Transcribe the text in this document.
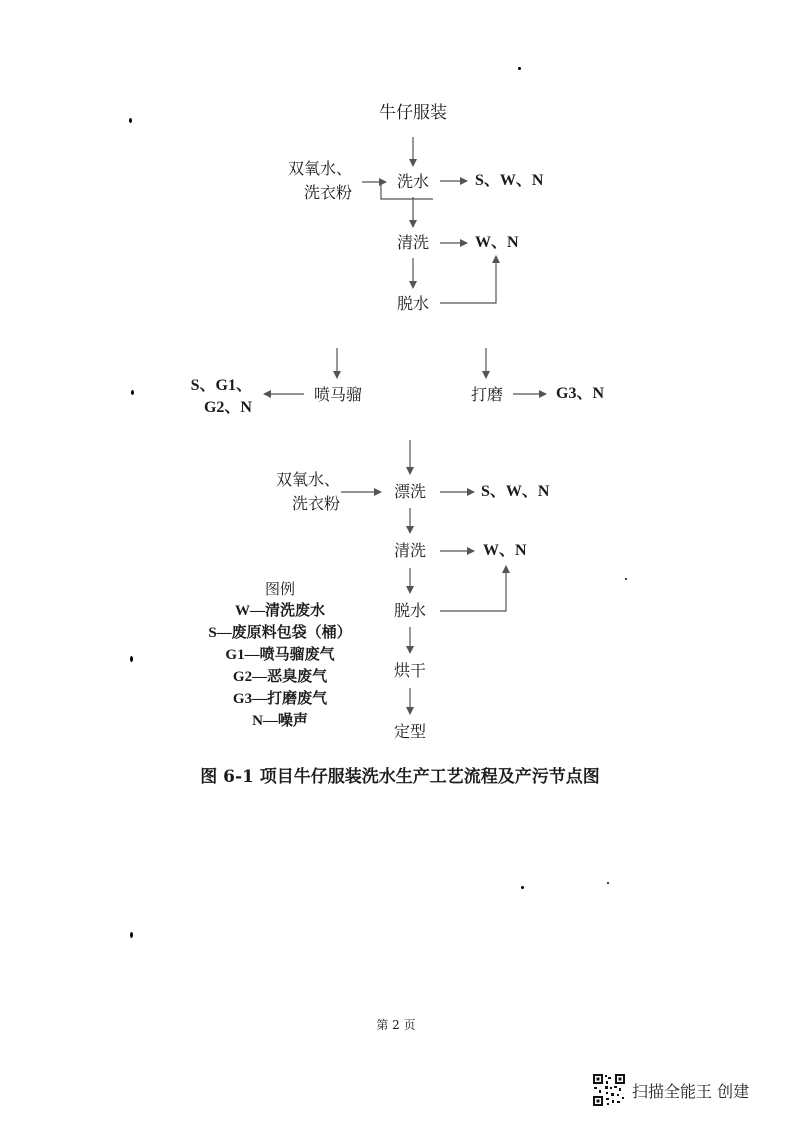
牛仔服装
洗水
清洗
脱水
喷马骝	打磨
漂洗
清洗
脱水
烘干
定型
双氧水、
洗衣粉
双氧水、
洗衣粉
S、W、N
W、N
S、G1、
G2、N
G3、N
S、W、N
W、N
图例
W—清洗废水
S—废原料包袋（桶）
G1—喷马骝废气
G2—恶臭废气
G3—打磨废气
N—噪声
图 6-1 项目牛仔服装洗水生产工艺流程及产污节点图
第 2 页
扫描全能王 创建
